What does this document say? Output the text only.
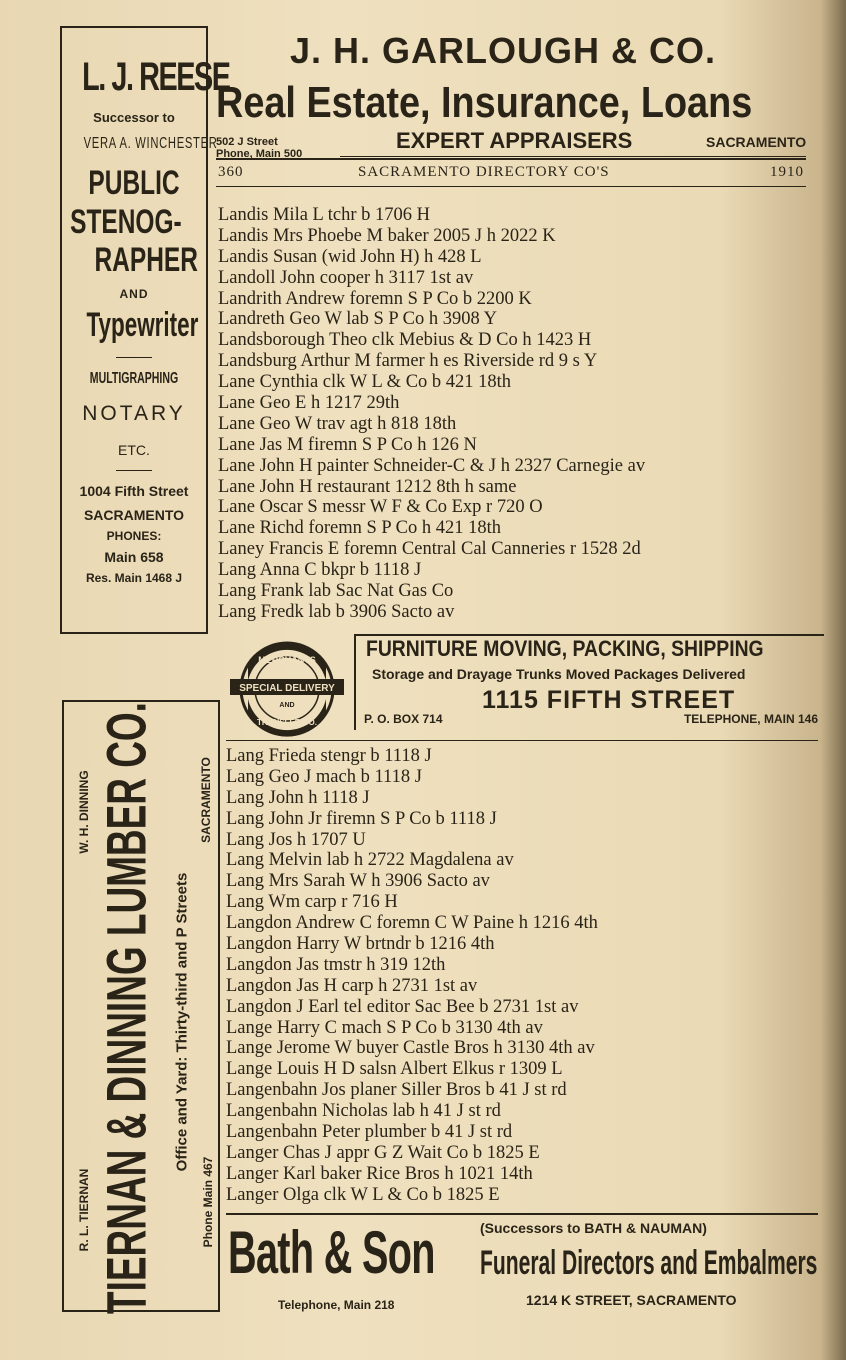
L. J. REESE
Successor to
VERA A. WINCHESTER
PUBLIC
STENOG-
RAPHER
AND
Typewriter
MULTIGRAPHING
NOTARY
ETC.
1004 Fifth Street
SACRAMENTO
PHONES:
Main 658
Res. Main 1468 J
J. H. GARLOUGH & CO.
Real Estate, Insurance, Loans
502 J Street
Phone, Main 500
EXPERT APPRAISERS	SACRAMENTO
360	SACRAMENTO DIRECTORY CO'S	1910
Landis Mila L tchr b 1706 H
Landis Mrs Phoebe M baker 2005 J h 2022 K
Landis Susan (wid John H) h 428 L
Landoll John cooper h 3117 1st av
Landrith Andrew foremn S P Co b 2200 K
Landreth Geo W lab S P Co h 3908 Y
Landsborough Theo clk Mebius & D Co h 1423 H
Landsburg Arthur M farmer h es Riverside rd 9 s Y
Lane Cynthia clk W L & Co b 421 18th
Lane Geo E h 1217 29th
Lane Geo W trav agt h 818 18th
Lane Jas M firemn S P Co h 126 N
Lane John H painter Schneider-C & J h 2327 Carnegie av
Lane John H restaurant 1212 8th h same
Lane Oscar S messr W F & Co Exp r 720 O
Lane Richd foremn S P Co h 421 18th
Laney Francis E foremn Central Cal Canneries r 1528 2d
Lang Anna C bkpr b 1118 J
Lang Frank lab Sac Nat Gas Co
Lang Fredk lab b 3906 Sacto av
MERCHANTS
SPECIAL DELIVERY
AND
TRANSFER CO.
FURNITURE MOVING, PACKING, SHIPPING
Storage and Drayage Trunks Moved Packages Delivered
1115 FIFTH STREET
P. O. BOX 714	TELEPHONE, MAIN 146
Lang Frieda stengr b 1118 J
Lang Geo J mach b 1118 J
Lang John h 1118 J
Lang John Jr firemn S P Co b 1118 J
Lang Jos h 1707 U
Lang Melvin lab h 2722 Magdalena av
Lang Mrs Sarah W h 3906 Sacto av
Lang Wm carp r 716 H
Langdon Andrew C foremn C W Paine h 1216 4th
Langdon Harry W brtndr b 1216 4th
Langdon Jas tmstr h 319 12th
Langdon Jas H carp h 2731 1st av
Langdon J Earl tel editor Sac Bee b 2731 1st av
Lange Harry C mach S P Co b 3130 4th av
Lange Jerome W buyer Castle Bros h 3130 4th av
Lange Louis H D salsn Albert Elkus r 1309 L
Langenbahn Jos planer Siller Bros b 41 J st rd
Langenbahn Nicholas lab h 41 J st rd
Langenbahn Peter plumber b 41 J st rd
Langer Chas J appr G Z Wait Co b 1825 E
Langer Karl baker Rice Bros h 1021 14th
Langer Olga clk W L & Co b 1825 E
W. H. DINNING
R. L. TIERNAN TIERNAN & DINNING LUMBER CO. Office and Yard: Thirty-third and P Streets
Phone Main 467
SACRAMENTO
Bath & Son	(Successors to BATH & NAUMAN)
Funeral Directors and Embalmers
Telephone, Main 218	1214 K STREET, SACRAMENTO
